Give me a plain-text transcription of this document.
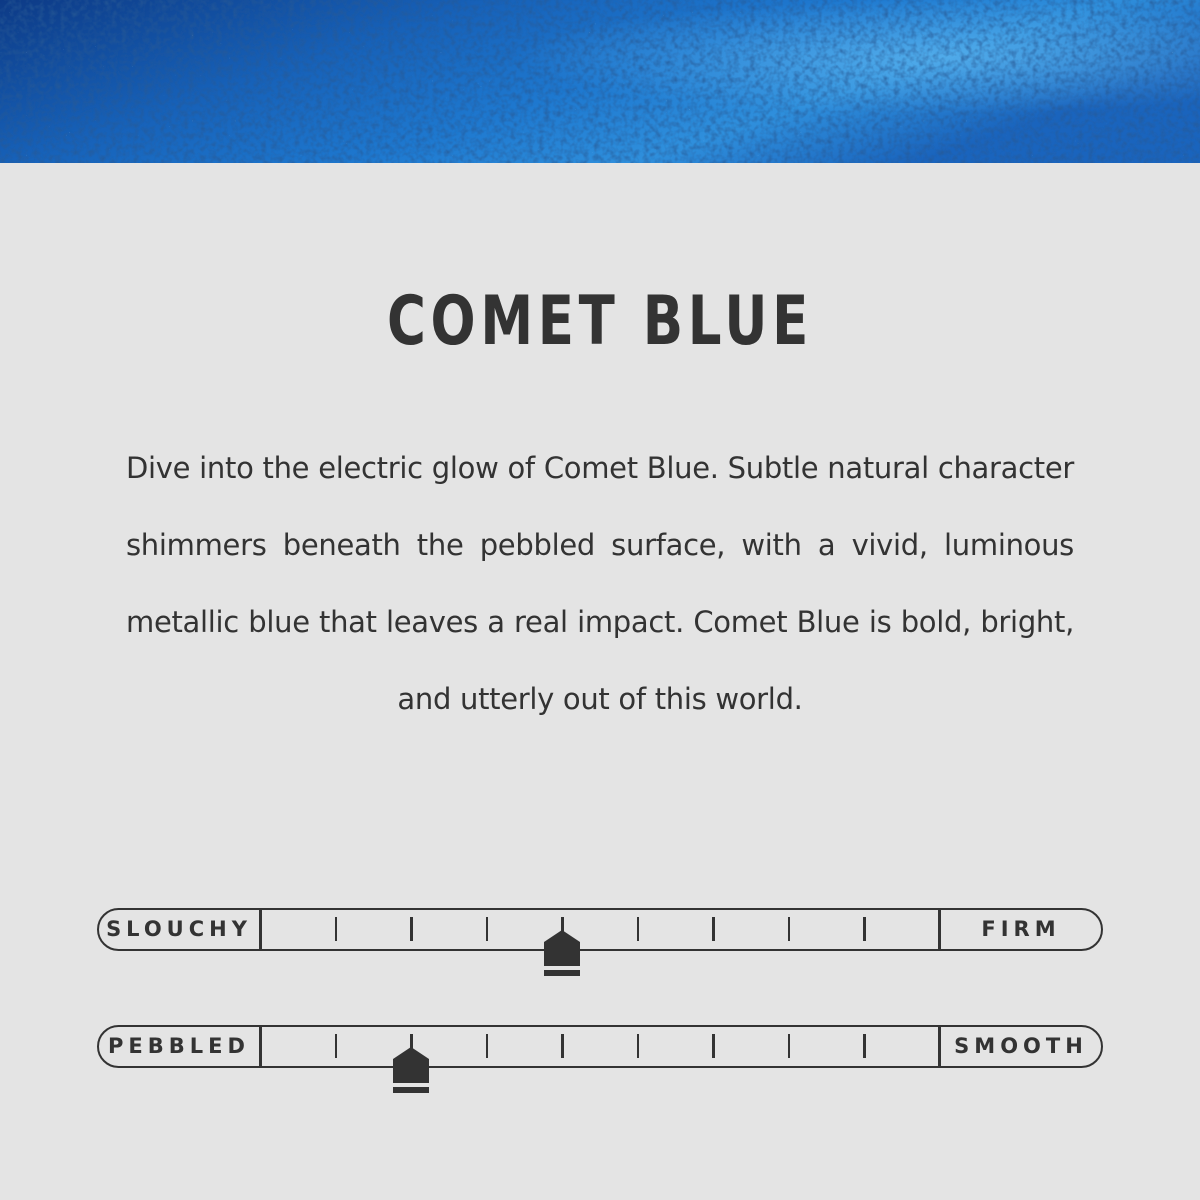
COMET BLUE

Dive into the electric glow of Comet Blue. Subtle natural character shimmers beneath the pebbled surface, with a vivid, luminous metallic blue that leaves a real impact. Comet Blue is bold, bright, and utterly out of this world.

SLOUCHY	FIRM
PEBBLED	SMOOTH
